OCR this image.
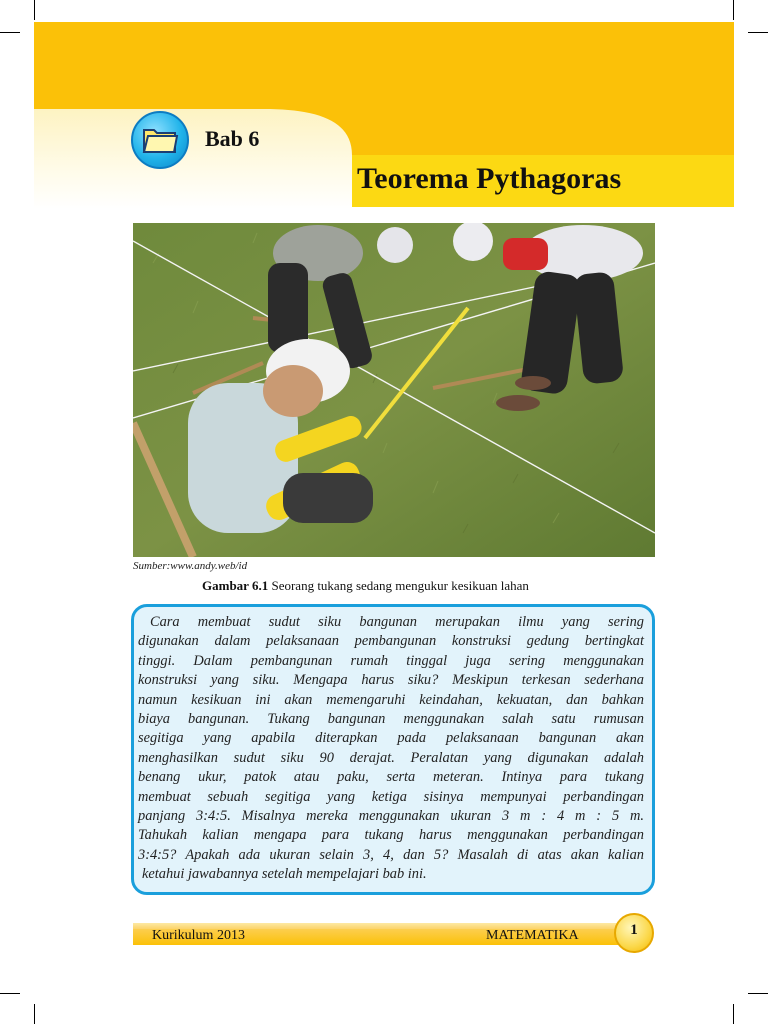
Bab 6
Teorema Pythagoras
Sumber:www.andy.web/id
Gambar 6.1 Seorang tukang sedang mengukur kesikuan lahan
Cara membuat sudut siku bangunan merupakan ilmu yang sering
digunakan dalam pelaksanaan pembangunan konstruksi gedung bertingkat
tinggi. Dalam pembangunan rumah tinggal juga sering menggunakan
konstruksi yang siku. Mengapa harus siku? Meskipun terkesan sederhana
namun kesikuan ini akan memengaruhi keindahan, kekuatan, dan bahkan
biaya bangunan. Tukang bangunan menggunakan salah satu rumusan
segitiga yang apabila diterapkan pada pelaksanaan bangunan akan
menghasilkan sudut siku 90 derajat. Peralatan yang digunakan adalah
benang ukur, patok atau paku, serta meteran. Intinya para tukang
membuat sebuah segitiga yang ketiga sisinya mempunyai perbandingan
panjang 3:4:5. Misalnya mereka menggunakan ukuran 3 m : 4 m : 5 m.
Tahukah kalian mengapa para tukang harus menggunakan perbandingan
3:4:5? Apakah ada ukuran selain 3, 4, dan 5? Masalah di atas akan kalian
ketahui jawabannya setelah mempelajari bab ini.
Kurikulum 2013	MATEMATIKA	1
